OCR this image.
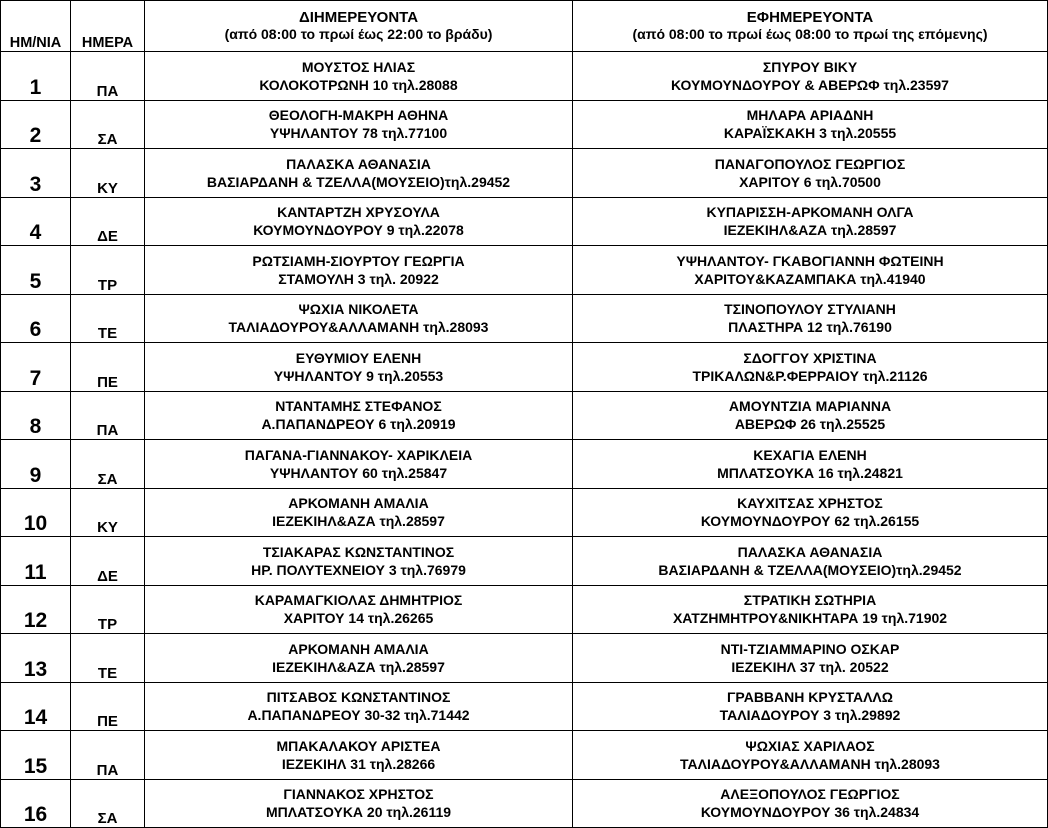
ΗΜ/ΝΙΑ	ΗΜΕΡΑ	ΔΙΗΜΕΡΕΥΟΝΤΑ
(από 08:00 το πρωί έως 22:00 το βράδυ)	ΕΦΗΜΕΡΕΥΟΝΤΑ
(από 08:00 το πρωί έως 08:00 το πρωί της επόμενης)

1	ΠΑ	ΜΟΥΣΤΟΣ ΗΛΙΑΣ
ΚΟΛΟΚΟΤΡΩΝΗ 10 τηλ.28088	ΣΠΥΡΟΥ ΒΙΚΥ
ΚΟΥΜΟΥΝΔΟΥΡΟΥ & ΑΒΕΡΩΦ τηλ.23597

2	ΣΑ	ΘΕΟΛΟΓΗ-ΜΑΚΡΗ ΑΘΗΝΑ
ΥΨΗΛΑΝΤΟΥ 78 τηλ.77100	ΜΗΛΑΡΑ ΑΡΙΑΔΝΗ
ΚΑΡΑΪΣΚΑΚΗ 3 τηλ.20555

3	ΚΥ	ΠΑΛΑΣΚΑ ΑΘΑΝΑΣΙΑ
ΒΑΣΙΑΡΔΑΝΗ & ΤΖΕΛΛΑ(ΜΟΥΣΕΙΟ)τηλ.29452	ΠΑΝΑΓΟΠΟΥΛΟΣ ΓΕΩΡΓΙΟΣ
ΧΑΡΙΤΟΥ 6 τηλ.70500

4	ΔΕ	ΚΑΝΤΑΡΤΖΗ ΧΡΥΣΟΥΛΑ
ΚΟΥΜΟΥΝΔΟΥΡΟΥ 9 τηλ.22078	ΚΥΠΑΡΙΣΣΗ-ΑΡΚΟΜΑΝΗ ΟΛΓΑ
ΙΕΖΕΚΙΗΛ&ΑΖΑ τηλ.28597

5	ΤΡ	ΡΩΤΣΙΑΜΗ-ΣΙΟΥΡΤΟΥ ΓΕΩΡΓΙΑ
ΣΤΑΜΟΥΛΗ 3 τηλ. 20922	ΥΨΗΛΑΝΤΟΥ- ΓΚΑΒΟΓΙΑΝΝΗ ΦΩΤΕΙΝΗ
ΧΑΡΙΤΟΥ&ΚΑΖΑΜΠΑΚΑ τηλ.41940

6	ΤΕ	ΨΩΧΙΑ ΝΙΚΟΛΕΤΑ
ΤΑΛΙΑΔΟΥΡΟΥ&ΑΛΛΑΜΑΝΗ τηλ.28093	ΤΣΙΝΟΠΟΥΛΟΥ ΣΤΥΛΙΑΝΗ
ΠΛΑΣΤΗΡΑ 12 τηλ.76190

7	ΠΕ	ΕΥΘΥΜΙΟΥ ΕΛΕΝΗ
ΥΨΗΛΑΝΤΟΥ 9 τηλ.20553	ΣΔΟΓΓΟΥ ΧΡΙΣΤΙΝΑ
ΤΡΙΚΑΛΩΝ&Ρ.ΦΕΡΡΑΙΟΥ τηλ.21126

8	ΠΑ	ΝΤΑΝΤΑΜΗΣ ΣΤΕΦΑΝΟΣ
Α.ΠΑΠΑΝΔΡΕΟΥ 6 τηλ.20919	ΑΜΟΥΝΤΖΙΑ ΜΑΡΙΑΝΝΑ
ΑΒΕΡΩΦ 26 τηλ.25525

9	ΣΑ	ΠΑΓΑΝΑ-ΓΙΑΝΝΑΚΟΥ- ΧΑΡΙΚΛΕΙΑ
ΥΨΗΛΑΝΤΟΥ 60 τηλ.25847	ΚΕΧΑΓΙΑ ΕΛΕΝΗ
ΜΠΛΑΤΣΟΥΚΑ 16 τηλ.24821

10	ΚΥ	ΑΡΚΟΜΑΝΗ ΑΜΑΛΙΑ
ΙΕΖΕΚΙΗΛ&ΑΖΑ τηλ.28597	ΚΑΥΧΙΤΣΑΣ ΧΡΗΣΤΟΣ
ΚΟΥΜΟΥΝΔΟΥΡΟΥ 62 τηλ.26155

11	ΔΕ	ΤΣΙΑΚΑΡΑΣ ΚΩΝΣΤΑΝΤΙΝΟΣ
ΗΡ. ΠΟΛΥΤΕΧΝΕΙΟΥ 3 τηλ.76979	ΠΑΛΑΣΚΑ ΑΘΑΝΑΣΙΑ
ΒΑΣΙΑΡΔΑΝΗ & ΤΖΕΛΛΑ(ΜΟΥΣΕΙΟ)τηλ.29452

12	ΤΡ	ΚΑΡΑΜΑΓΚΙΟΛΑΣ ΔΗΜΗΤΡΙΟΣ
ΧΑΡΙΤΟΥ 14 τηλ.26265	ΣΤΡΑΤΙΚΗ ΣΩΤΗΡΙΑ
ΧΑΤΖΗΜΗΤΡΟΥ&ΝΙΚΗΤΑΡΑ 19 τηλ.71902

13	ΤΕ	ΑΡΚΟΜΑΝΗ ΑΜΑΛΙΑ
ΙΕΖΕΚΙΗΛ&ΑΖΑ τηλ.28597	ΝΤΙ-ΤΖΙΑΜΜΑΡΙΝΟ ΟΣΚΑΡ
ΙΕΖΕΚΙΗΛ 37 τηλ. 20522

14	ΠΕ	ΠΙΤΣΑΒΟΣ ΚΩΝΣΤΑΝΤΙΝΟΣ
Α.ΠΑΠΑΝΔΡΕΟΥ 30-32 τηλ.71442	ΓΡΑΒΒΑΝΗ ΚΡΥΣΤΑΛΛΩ
ΤΑΛΙΑΔΟΥΡΟΥ 3 τηλ.29892

15	ΠΑ	ΜΠΑΚΑΛΑΚΟΥ ΑΡΙΣΤΕΑ
ΙΕΖΕΚΙΗΛ 31 τηλ.28266	ΨΩΧΙΑΣ ΧΑΡΙΛΑΟΣ
ΤΑΛΙΑΔΟΥΡΟΥ&ΑΛΛΑΜΑΝΗ τηλ.28093

16	ΣΑ	ΓΙΑΝΝΑΚΟΣ ΧΡΗΣΤΟΣ
ΜΠΛΑΤΣΟΥΚΑ 20 τηλ.26119	ΑΛΕΞΟΠΟΥΛΟΣ ΓΕΩΡΓΙΟΣ
ΚΟΥΜΟΥΝΔΟΥΡΟΥ 36 τηλ.24834
